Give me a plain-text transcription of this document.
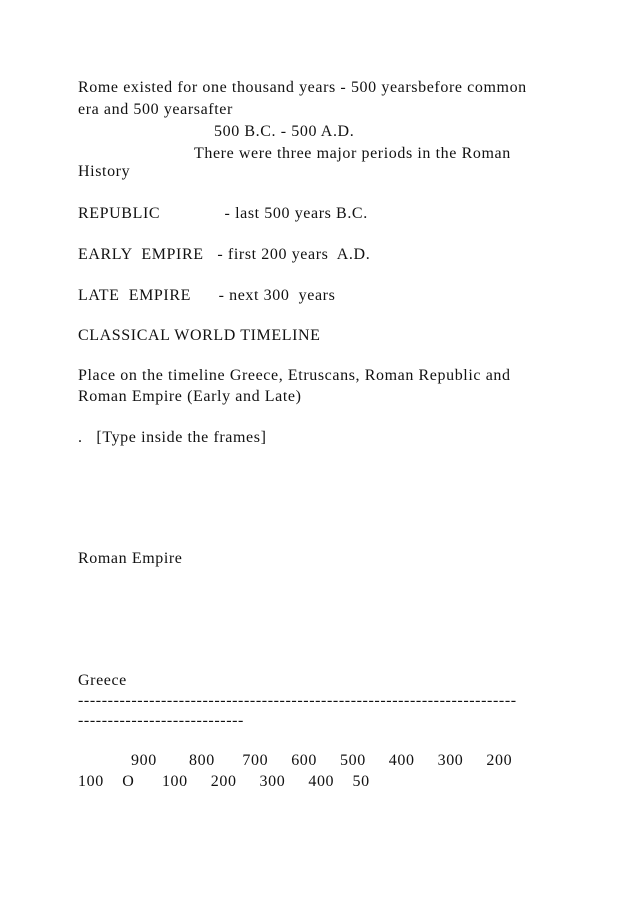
Rome existed for one thousand years - 500 yearsbefore common

era and 500 yearsafter

500 B.C. - 500 A.D.

There were three major periods in the Roman

History

REPUBLIC              - last 500 years B.C.

EARLY  EMPIRE   - first 200 years  A.D.

LATE  EMPIRE      - next 300  years

CLASSICAL WORLD TIMELINE

Place on the timeline Greece, Etruscans, Roman Republic and

Roman Empire (Early and Late)

.   [Type inside the frames]

Roman Empire

Greece

--------------------------------------------------------------------------

----------------------------

900       800      700     600     500     400     300     200

100    O      100     200     300     400    50
